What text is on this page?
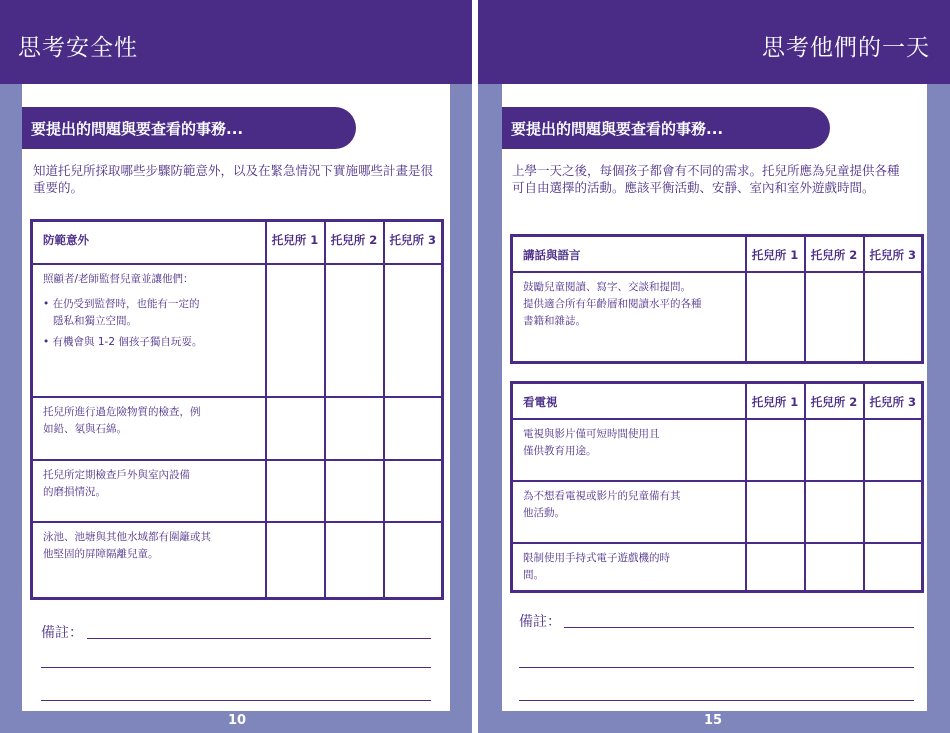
思考安全性	思考他們的一天
要提出的問題與要查看的事務...
知道托兒所採取哪些步驟防範意外，以及在緊急情況下實施哪些計畫是很重要的。
防範意外	托兒所 1	托兒所 2	托兒所 3

照顧者/老師監督兒童並讓他們：
• 在仍受到監督時，也能有一定的隱私和獨立空間。
• 有機會與 1-2 個孩子獨自玩耍。			

托兒所進行過危險物質的檢查，例如鉛、氡與石綿。			
托兒所定期檢查戶外與室內設備的磨損情況。			
泳池、池塘與其他水域都有圍籬或其他堅固的屏障隔離兒童。			
備註：
要提出的問題與要查看的事務...
上學一天之後，每個孩子都會有不同的需求。托兒所應為兒童提供各種可自由選擇的活動。應該平衡活動、安靜、室內和室外遊戲時間。
講話與語言	托兒所 1	托兒所 2	托兒所 3

鼓勵兒童閱讀、寫字、交談和提問。
提供適合所有年齡層和閱讀水平的各種書籍和雜誌。			

看電視	托兒所 1	托兒所 2	托兒所 3
電視與影片僅可短時間使用且僅供教育用途。			
為不想看電視或影片的兒童備有其他活動。			
限制使用手持式電子遊戲機的時間。			
備註：
10	15
